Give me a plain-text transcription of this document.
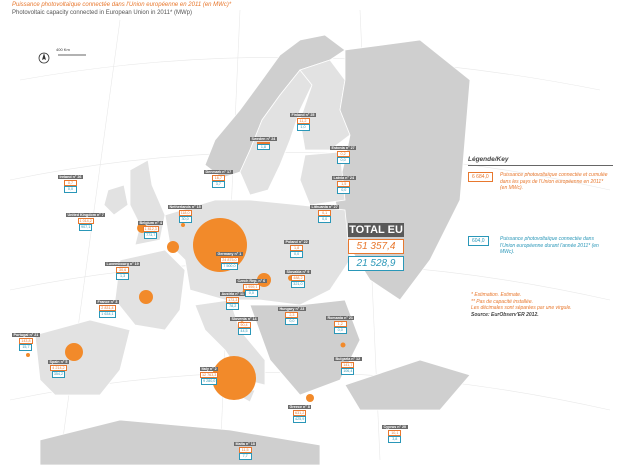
Puissance photovoltaïque connectée dans l'Union européenne en 2011 (en MWc)*
Photovoltaic capacity connected in European Union in 2011* (MWp)
400 Km
Ireland n° 26
0,7
0,0
United Kingdom n° 7
1 014,2
907,1
Belgium n° 4
1 812,3
773,7
Netherlands n° 15
118,0
30,0
Luxembourg n° 19
30,6
1,3
Germany n° 1
24 875,0
7 500,0
Denmark n° 17
16,7
3,7
Sweden n° 24
1,8
Finland n° 25
11,2
1,0
Estonia n° 27
0,2
0,0
Latvia n° 24
1,5
0,0
Lithuania n° 27
0,1
0,0
Poland n° 22
1,8
0,0
Czech Rep. n° 6
1 959,1
0,0
Slovakia n° 9
488,2
321,0
Austria n° 11
173,3
78,2
Hungary n° 23
2,3
0,0
Slovenia n° 14
90,4
44,5
Romania n° 21
1,2
0,0
Bulgaria n° 12
141,7
106,4
France n° 3
2 831,4
1 634,1
Portugal n° 21
143,8
15,7
Spain n° 5
4 214,2
354,2
Italy n° 2
12 763,3
9 280,0
Greece n° 8
631,2
425,9
Malta n° 18
11,5
7,7
Cyprus n° 20
10,1
3,8
TOTAL EU
51 357,4
21 528,9
Légende/Key
6 684,0	Puissance photovoltaïque connectée et cumulée dans les pays de l'Union européenne en 2011* (en MWc).
604,0	Puissance photovoltaïque connectée dans l'Union européenne durant l'année 2011* (en MWc).
* Estimation. Estimate.
** Pas de capacité installée.
Les décimales sont séparées par une virgule.
Source: EurObserv'ER 2012.
